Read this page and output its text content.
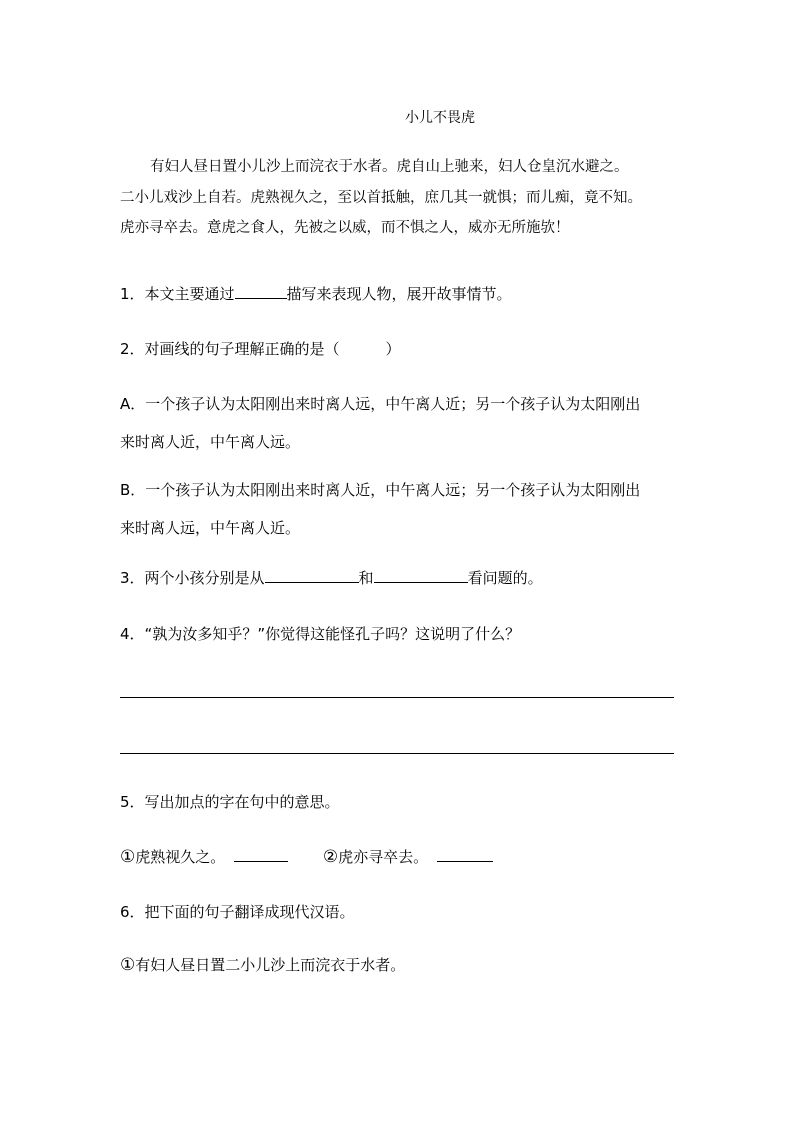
小儿不畏虎
有妇人昼日置小儿沙上而浣衣于水者。虎自山上驰来，妇人仓皇沉水避之。
二小儿戏沙上自若。虎熟视久之，至以首抵触，庶几其一就惧；而儿痴，竟不知。
虎亦寻卒去。意虎之食人，先被之以威，而不惧之人，威亦无所施欤！
1．本文主要通过	描写来表现人物，展开故事情节。
2．对画线的句子理解正确的是（	）
A．一个孩子认为太阳刚出来时离人远，中午离人近；另一个孩子认为太阳刚出
来时离人近，中午离人远。
B．一个孩子认为太阳刚出来时离人近，中午离人远；另一个孩子认为太阳刚出
来时离人远，中午离人近。
3．两个小孩分别是从	和	看问题的。
4．“孰为汝多知乎？”你觉得这能怪孔子吗？这说明了什么？
5．写出加点的字在句中的意思。
①虎熟视久之。	②虎亦寻卒去。
6．把下面的句子翻译成现代汉语。
①有妇人昼日置二小儿沙上而浣衣于水者。
